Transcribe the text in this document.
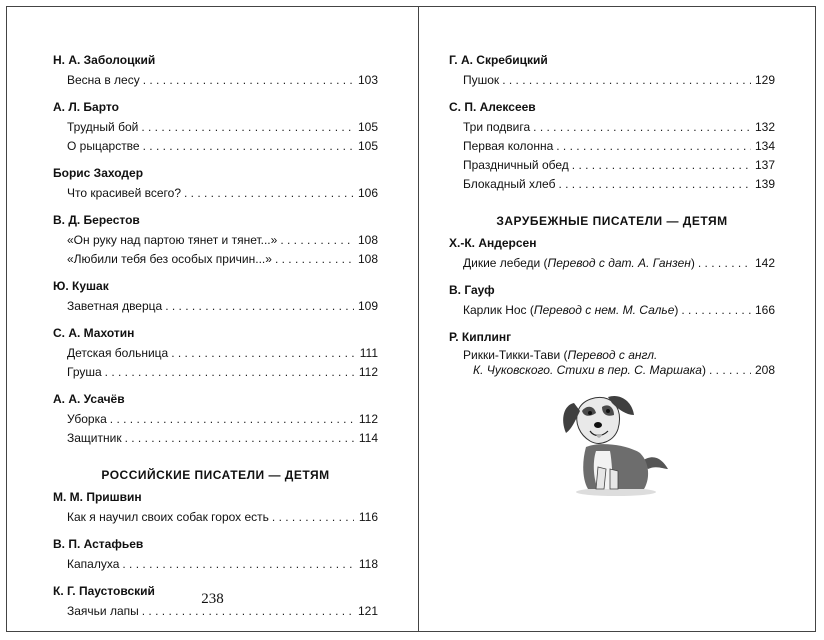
Н. А. Заболоцкий
Весна в лесу . . .	103
А. Л. Барто
Трудный бой . . .	105
О рыцарстве . . .	105
Борис Заходер
Что красивей всего? . . .	106
В. Д. Берестов
«Он руку над партою тянет и тянет...» . . .	108
«Любили тебя без особых причин...» . . .	108
Ю. Кушак
Заветная дверца . . .	109
С. А. Махотин
Детская больница . . .	111
Груша . . .	112
А. А. Усачёв
Уборка . . .	112
Защитник . . .	114
РОССИЙСКИЕ ПИСАТЕЛИ — ДЕТЯМ
М. М. Пришвин
Как я научил своих собак горох есть . . .	116
В. П. Астафьев
Капалуха . . .	118
К. Г. Паустовский
Заячьи лапы . . .	121
238
Г. А. Скребицкий
Пушок . . .	129
С. П. Алексеев
Три подвига . . .	132
Первая колонна . . .	134
Праздничный обед . . .	137
Блокадный хлеб . . .	139
ЗАРУБЕЖНЫЕ ПИСАТЕЛИ — ДЕТЯМ
Х.-К. Андерсен
Дикие лебеди (Перевод с дат. А. Ганзен) . . .	142
В. Гауф
Карлик Нос (Перевод с нем. М. Салье) . . .	166
Р. Киплинг
Рикки-Тикки-Тави (Перевод с англ.
К. Чуковского. Стихи в пер. С. Маршака) . . .	208
